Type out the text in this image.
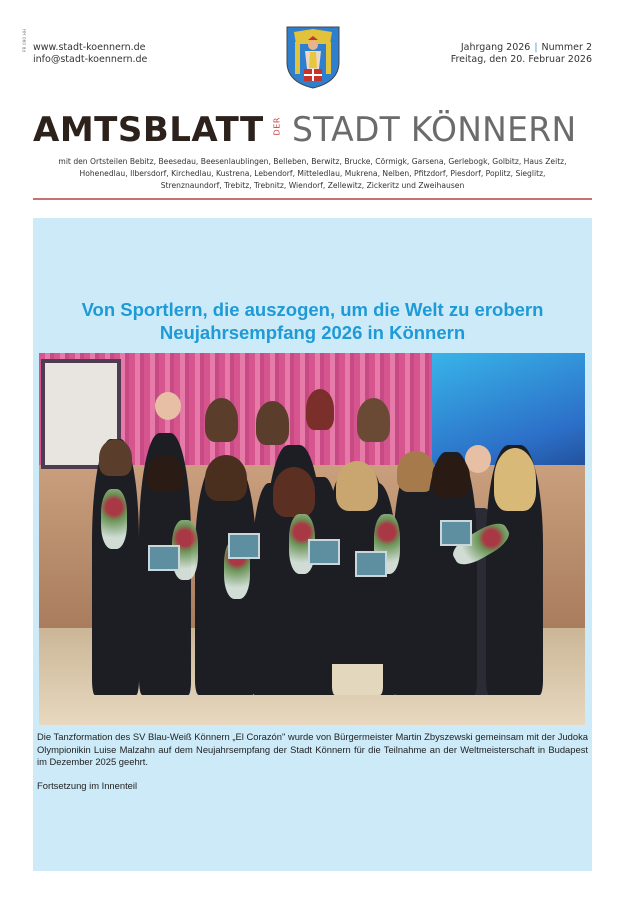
PR 090 HH www.stadt-koennern.de
info@stadt-koennern.de
Jahrgang 2026 | Nummer 2
Freitag, den 20. Februar 2026
AMTSBLATT DER STADT KÖNNERN
mit den Ortsteilen Bebitz, Beesedau, Beesenlaublingen, Belleben, Berwitz, Brucke, Cörmigk, Garsena, Gerlebogk, Golbitz, Haus Zeitz,
Hohenedlau, Ilbersdorf, Kirchedlau, Kustrena, Lebendorf, Mitteledlau, Mukrena, Nelben, Pfitzdorf, Piesdorf, Poplitz, Sieglitz,
Strenznaundorf, Trebitz, Trebnitz, Wiendorf, Zellewitz, Zickeritz und Zweihausen
Von Sportlern, die auszogen, um die Welt zu erobern
Neujahrsempfang 2026 in Könnern

Die Tanzformation des SV Blau-Weiß Könnern „El Corazón" wurde von Bürgermeister Martin Zbyszewski gemeinsam mit der Judoka Olympionikin Luise Malzahn auf dem Neujahrsempfang der Stadt Könnern für die Teilnahme an der Weltmeisterschaft in Budapest im Dezember 2025 geehrt.

Fortsetzung im Innenteil
